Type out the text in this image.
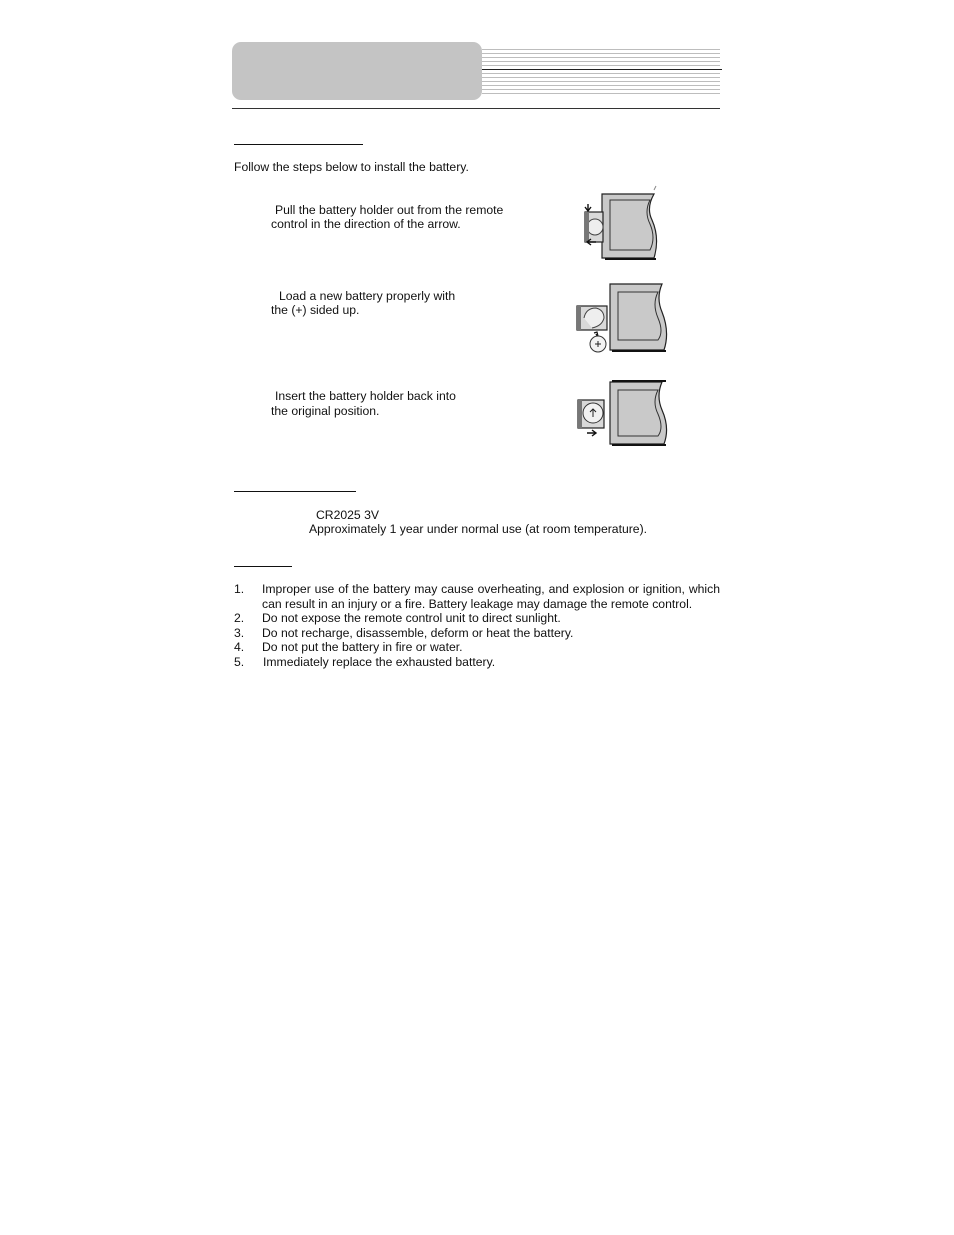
Follow the steps below to install the battery.
Pull the battery holder out from the remote
control in the direction of the arrow.
Load a new battery properly with
the (+) sided up.
Insert the battery holder back into
the original position.
CR2025 3V
Approximately 1 year under normal use (at room temperature).
1. Improper use of the battery may cause overheating, and explosion or ignition, which can result in an injury or a fire. Battery leakage may damage the remote control.
2. Do not expose the remote control unit to direct sunlight.
3. Do not recharge, disassemble, deform or heat the battery.
4. Do not put the battery in fire or water.
5. Immediately replace the exhausted battery.
